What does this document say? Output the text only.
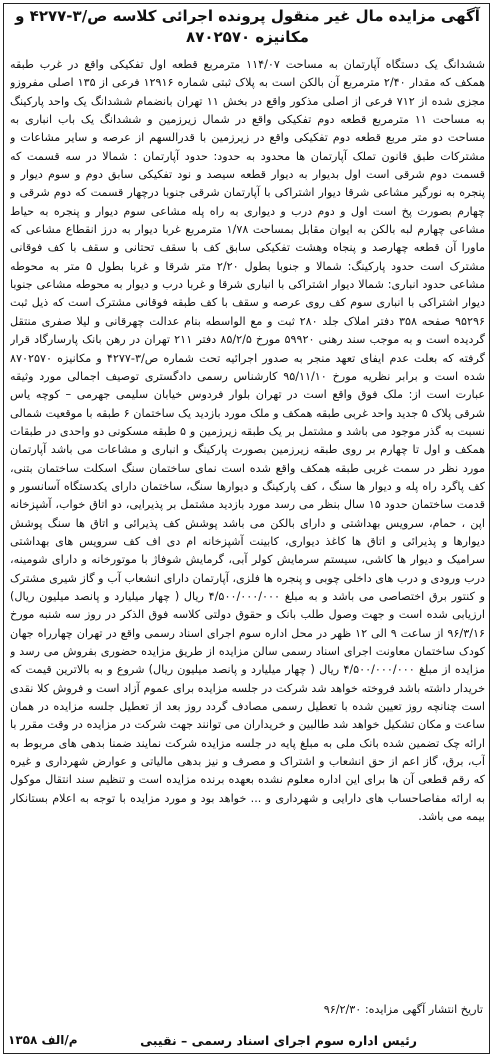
آگهی مزایده مال غیر منقول پرونده اجرائی کلاسه ص/۳-۴۲۷۷ و مکانیزه ۸۷۰۲۵۷۰
ششدانگ یک دستگاه آپارتمان به مساحت ۱۱۴/۰۷ مترمربع قطعه اول تفکیکی واقع در غرب طبقه همکف که مقدار ۲/۴۰ مترمربع آن بالکن است به پلاک ثبتی شماره ۱۲۹۱۶ فرعی از ۱۳۵ اصلی مفروزو مجزی شده از ۷۱۲ فرعی از اصلی مذکور واقع در بخش ۱۱ تهران بانضمام ششدانگ یک واحد پارکینگ به مساحت ۱۱ مترمربع قطعه دوم تفکیکی واقع در شمال زیرزمین و ششدانگ یک باب انباری به مساحت دو متر مربع قطعه دوم تفکیکی واقع در زیرزمین با قدرالسهم از عرصه و سایر مشاعات و مشترکات طبق قانون تملک آپارتمان ها محدود به حدود: حدود آپارتمان : شمالا در سه قسمت که قسمت دوم شرقی است اول بدیوار به دیوار قطعه سیصد و نود تفکیکی سابق دوم و سوم دیوار و پنجره به نورگیر مشاعی شرقا دیوار اشتراکی با آپارتمان شرقی جنوبا درچهار قسمت که دوم شرقی و چهارم بصورت پخ است اول و دوم درب و دیواری به راه پله مشاعی سوم دیوار و پنجره به حیاط مشاعی چهارم لبه بالکن به ایوان مقابل بمساحت ۱/۷۸ مترمربع غربا دیوار به درز انقطاع مشاعی که ماورا آن قطعه چهارصد و پنجاه وهشت تفکیکی سابق کف با سقف تحتانی و سقف با کف فوقانی مشترک است حدود پارکینگ: شمالا و جنوبا بطول ۲/۲۰ متر شرقا و غربا بطول ۵ متر به محوطه مشاعی حدود انباری: شمالا دیوار اشتراکی با انباری شرقا و غربا درب و دیوار به محوطه مشاعی جنوبا دیوار اشتراکی با انباری سوم کف روی عرصه و سقف با کف طبقه فوقانی مشترک است که ذیل ثبت ۹۵۲۹۶ صفحه ۳۵۸ دفتر املاک جلد ۲۸۰ ثبت و مع الواسطه بنام عدالت چهرقانی و لیلا صفری منتقل گردیده است و به موجب سند رهنی ۵۹۹۲۰ مورخ ۸۵/۲/۵ دفتر ۲۱۱ تهران در رهن بانک پارسارگاد قرار گرفته که بعلت عدم ایفای تعهد منجر به صدور اجرائیه تحت شماره ص/۳-۴۲۷۷ و مکانیزه ۸۷۰۲۵۷۰ شده است و برابر نظریه مورخ ۹۵/۱۱/۱۰ کارشناس رسمی دادگستری توصیف اجمالی مورد وثیقه عبارت است از: ملک فوق واقع است در تهران بلوار فردوس خیابان سلیمی جهرمی – کوچه یاس شرقی پلاک ۵ جدید واحد غربی طبقه همکف و ملک مورد بازدید یک ساختمان ۶ طبقه با موقعیت شمالی نسبت به گذر موجود می باشد و مشتمل بر یک طبقه زیرزمین و ۵ طبقه مسکونی دو واحدی در طبقات همکف و اول تا چهارم بر روی طبقه زیرزمین بصورت پارکینگ و انباری و مشاعات می باشد آپارتمان مورد نظر در سمت غربی طبقه همکف واقع شده است نمای ساختمان سنگ اسکلت ساختمان بتنی، کف پاگرد راه پله و دیوار ها سنگ ، کف پارکینگ و دیوارها سنگ، ساختمان دارای یکدستگاه آسانسور و قدمت ساختمان حدود ۱۵ سال بنظر می رسد مورد بازدید مشتمل بر پذیرایی، دو اتاق خواب، آشپزخانه اپن ، حمام، سرویس بهداشتی و دارای بالکن می باشد پوشش کف پذیرائی و اتاق ها سنگ پوشش دیوارها و پذیرائی و اتاق ها کاغذ دیواری، کابینت آشپزخانه ام دی اف کف سرویس های بهداشتی سرامیک و دیوار ها کاشی، سیستم سرمایش کولر آبی، گرمایش شوفاژ با موتورخانه و دارای شومینه، درب ورودی و درب های داخلی چوبی و پنجره ها فلزی، آپارتمان دارای انشعاب آب و گاز شیری مشترک و کنتور برق اختصاصی می باشد و به مبلغ ۴/۵۰۰/۰۰۰/۰۰۰ ریال ( چهار میلیارد و پانصد میلیون ریال) ارزیابی شده است و جهت وصول طلب بانک و حقوق دولتی کلاسه فوق الذکر در روز سه شنبه مورخ ۹۶/۳/۱۶ از ساعت ۹ الی ۱۲ ظهر در محل اداره سوم اجرای اسناد رسمی واقع در تهران چهارراه جهان کودک ساختمان معاونت اجرای اسناد رسمی سالن مزایده از طریق مزایده حضوری بفروش می رسد و مزایده از مبلغ ۴/۵۰۰/۰۰۰/۰۰۰ ریال ( چهار میلیارد و پانصد میلیون ریال) شروع و به بالاترین قیمت که خریدار داشته باشد فروخته خواهد شد شرکت در جلسه مزایده برای عموم آزاد است و فروش کلا نقدی است چنانچه روز تعیین شده با تعطیل رسمی مصادف گردد روز بعد از تعطیل جلسه مزایده در همان ساعت و مکان تشکیل خواهد شد طالبین و خریداران می توانند جهت شرکت در مزایده در وقت مقرر با ارائه چک تضمین شده بانک ملی به مبلغ پایه در جلسه مزایده شرکت نمایند ضمنا بدهی های مربوط به آب، برق، گاز اعم از حق انشعاب و اشتراک و مصرف و نیز بدهی مالیاتی و عوارض شهرداری و غیره که رقم قطعی آن ها برای این اداره معلوم نشده بعهده برنده مزایده است و تنظیم سند انتقال موکول به ارائه مفاصاحساب های دارایی و شهرداری و ... خواهد بود و مورد مزایده با توجه به اعلام بستانکار بیمه می باشد.
تاریخ انتشار آگهی مزایده: ۹۶/۲/۳۰
رئیس اداره سوم اجرای اسناد رسمی – نقیبی
م/الف ۱۳۵۸
